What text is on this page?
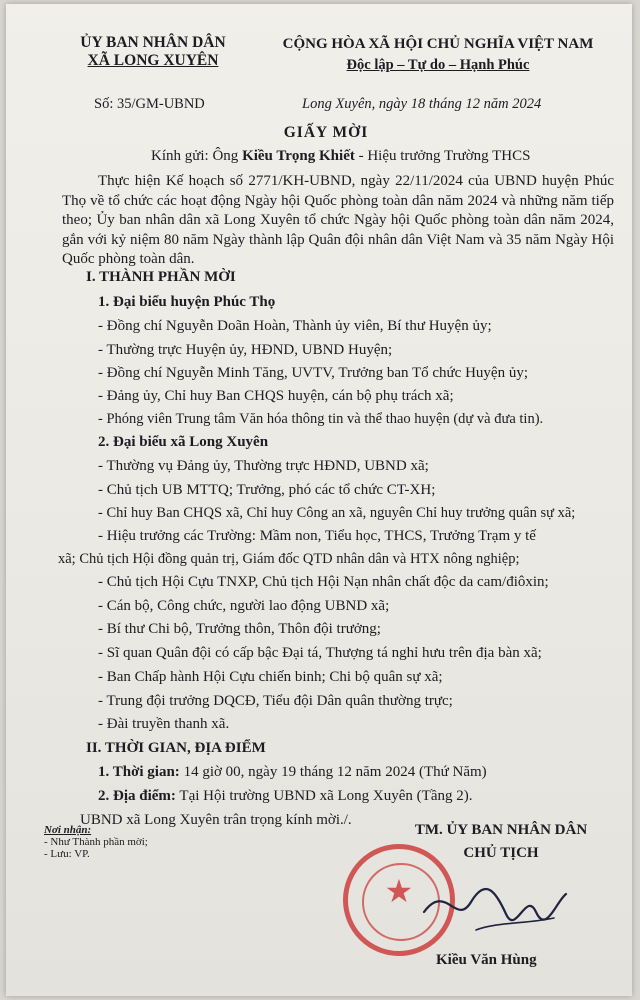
ỦY BAN NHÂN DÂN
XÃ LONG XUYÊN
CỘNG HÒA XÃ HỘI CHỦ NGHĨA VIỆT NAM
Độc lập – Tự do – Hạnh Phúc
Số: 35/GM-UBND	Long Xuyên, ngày 18 tháng 12 năm 2024
GIẤY MỜI
Kính gửi: Ông Kiều Trọng Khiết - Hiệu trưởng Trường THCS
Thực hiện Kế hoạch số 2771/KH-UBND, ngày 22/11/2024 của UBND huyện Phúc Thọ về tổ chức các hoạt động Ngày hội Quốc phòng toàn dân năm 2024 và những năm tiếp theo; Ủy ban nhân dân xã Long Xuyên tổ chức Ngày hội Quốc phòng toàn dân năm 2024, gắn với kỷ niệm 80 năm Ngày thành lập Quân đội nhân dân Việt Nam và 35 năm Ngày Hội Quốc phòng toàn dân.
I. THÀNH PHẦN MỜI
1. Đại biểu huyện Phúc Thọ
- Đồng chí Nguyễn Doãn Hoàn, Thành ủy viên, Bí thư Huyện ủy;
- Thường trực Huyện ủy, HĐND, UBND Huyện;
- Đồng chí Nguyễn Minh Tăng, UVTV, Trưởng ban Tổ chức Huyện ủy;
- Đảng ủy, Chỉ huy Ban CHQS huyện, cán bộ phụ trách xã;
- Phóng viên Trung tâm Văn hóa thông tin và thể thao huyện (dự và đưa tin).
2. Đại biểu xã Long Xuyên
- Thường vụ Đảng ủy, Thường trực HĐND, UBND xã;
- Chủ tịch UB MTTQ; Trưởng, phó các tổ chức CT-XH;
- Chỉ huy Ban CHQS xã, Chỉ huy Công an xã, nguyên Chỉ huy trưởng quân sự xã;
- Hiệu trưởng các Trường: Mầm non, Tiểu học, THCS, Trưởng Trạm y tế
xã; Chủ tịch Hội đồng quản trị, Giám đốc QTD nhân dân và HTX nông nghiệp;
- Chủ tịch Hội Cựu TNXP, Chủ tịch Hội Nạn nhân chất độc da cam/điôxin;
- Cán bộ, Công chức, người lao động UBND xã;
- Bí thư Chi bộ, Trưởng thôn, Thôn đội trưởng;
- Sĩ quan Quân đội có cấp bậc Đại tá, Thượng tá nghỉ hưu trên địa bàn xã;
- Ban Chấp hành Hội Cựu chiến binh; Chi bộ quân sự xã;
- Trung đội trưởng DQCĐ, Tiểu đội Dân quân thường trực;
- Đài truyền thanh xã.
II. THỜI GIAN, ĐỊA ĐIỂM
1. Thời gian: 14 giờ 00, ngày 19 tháng 12 năm 2024 (Thứ Năm)
2. Địa điểm: Tại Hội trường UBND xã Long Xuyên (Tầng 2).
UBND xã Long Xuyên trân trọng kính mời./.
Nơi nhận:
- Như Thành phần mời;
- Lưu: VP.
TM. ỦY BAN NHÂN DÂN
CHỦ TỊCH
★
Kiều Văn Hùng
